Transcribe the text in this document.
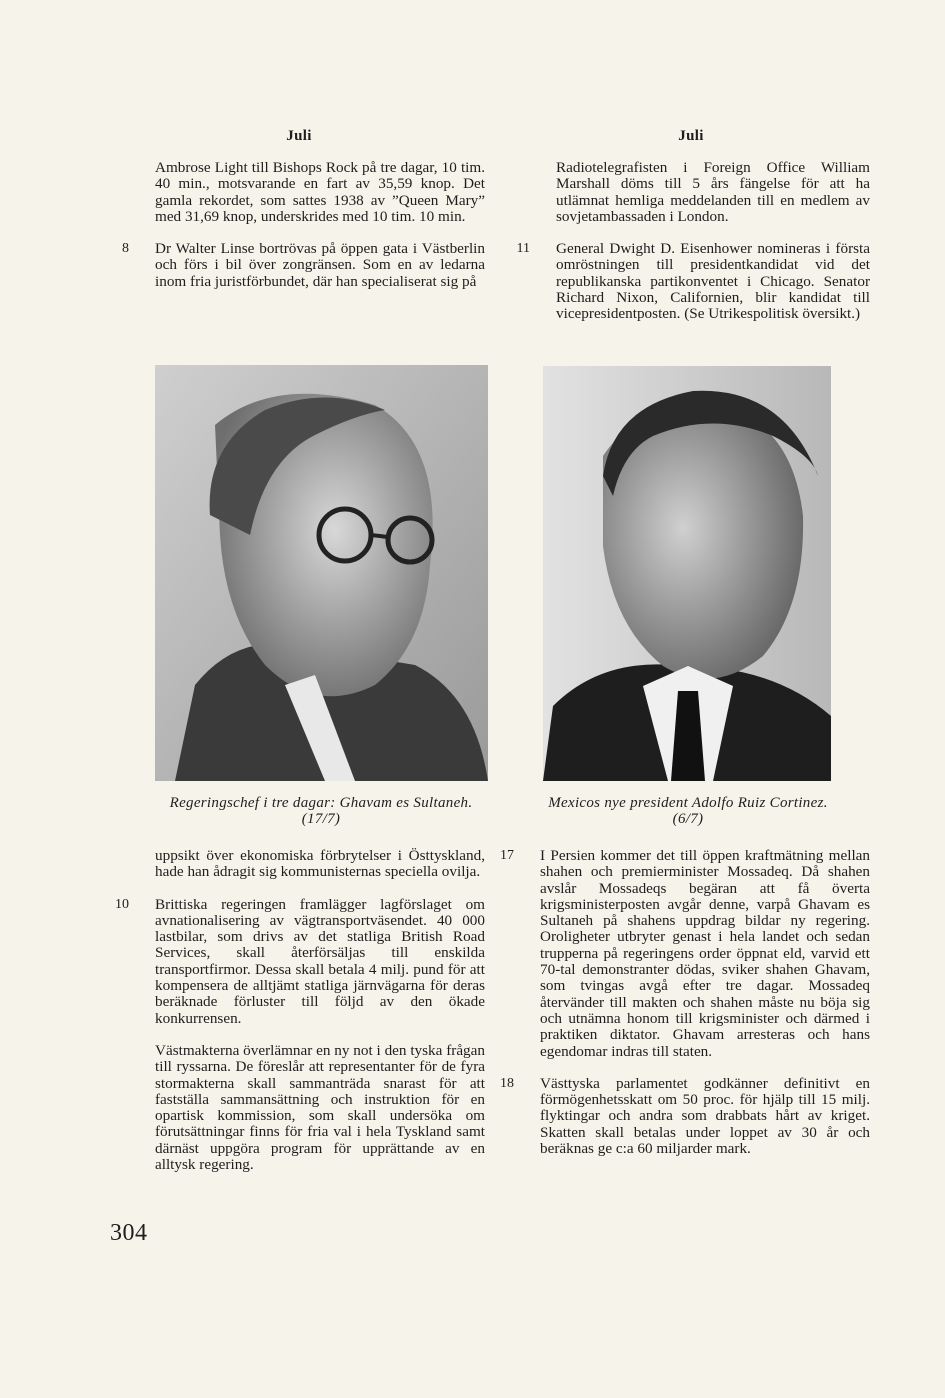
Juli	Juli

Ambrose Light till Bishops Rock på tre dagar, 10 tim. 40 min., motsvarande en fart av 35,59 knop. Det gamla rekordet, som sattes 1938 av ”Queen Mary” med 31,69 knop, underskrides med 10 tim. 10 min.

8 Dr Walter Linse bortrövas på öppen gata i Västberlin och förs i bil över zongränsen. Som en av ledarna inom fria juristförbundet, där han specialiserat sig på

Radiotelegrafisten i Foreign Office William Marshall döms till 5 års fängelse för att ha utlämnat hemliga meddelanden till en medlem av sovjetambassaden i London.

11 General Dwight D. Eisenhower nomineras i första omröstningen till presidentkandidat vid det republikanska partikonventet i Chicago. Senator Richard Nixon, Californien, blir kandidat till vicepresidentposten. (Se Utrikespolitisk översikt.)

Regeringschef i tre dagar: Ghavam es Sultaneh. (17/7)
Mexicos nye president Adolfo Ruiz Cortinez. (6/7)

uppsikt över ekonomiska förbrytelser i Östtyskland, hade han ådragit sig kommunisternas speciella ovilja.

10 Brittiska regeringen framlägger lagförslaget om avnationalisering av vägtransportväsendet. 40 000 lastbilar, som drivs av det statliga British Road Services, skall återförsäljas till enskilda transportfirmor. Dessa skall betala 4 milj. pund för att kompensera de alltjämt statliga järnvägarna för deras beräknade förluster till följd av den ökade konkurrensen.

Västmakterna överlämnar en ny not i den tyska frågan till ryssarna. De föreslår att representanter för de fyra stormakterna skall sammanträda snarast för att fastställa sammansättning och instruktion för en opartisk kommission, som skall undersöka om förutsättningar finns för fria val i hela Tyskland samt därnäst uppgöra program för upprättande av en alltysk regering.

17 I Persien kommer det till öppen kraftmätning mellan shahen och premierminister Mossadeq. Då shahen avslår Mossadeqs begäran att få överta krigsministerposten avgår denne, varpå Ghavam es Sultaneh på shahens uppdrag bildar ny regering. Oroligheter utbryter genast i hela landet och sedan trupperna på regeringens order öppnat eld, varvid ett 70-tal demonstranter dödas, sviker shahen Ghavam, som tvingas avgå efter tre dagar. Mossadeq återvänder till makten och shahen måste nu böja sig och utnämna honom till krigsminister och därmed i praktiken diktator. Ghavam arresteras och hans egendomar indras till staten.

18 Västtyska parlamentet godkänner definitivt en förmögenhetsskatt om 50 proc. för hjälp till 15 milj. flyktingar och andra som drabbats hårt av kriget. Skatten skall betalas under loppet av 30 år och beräknas ge c:a 60 miljarder mark.

304
